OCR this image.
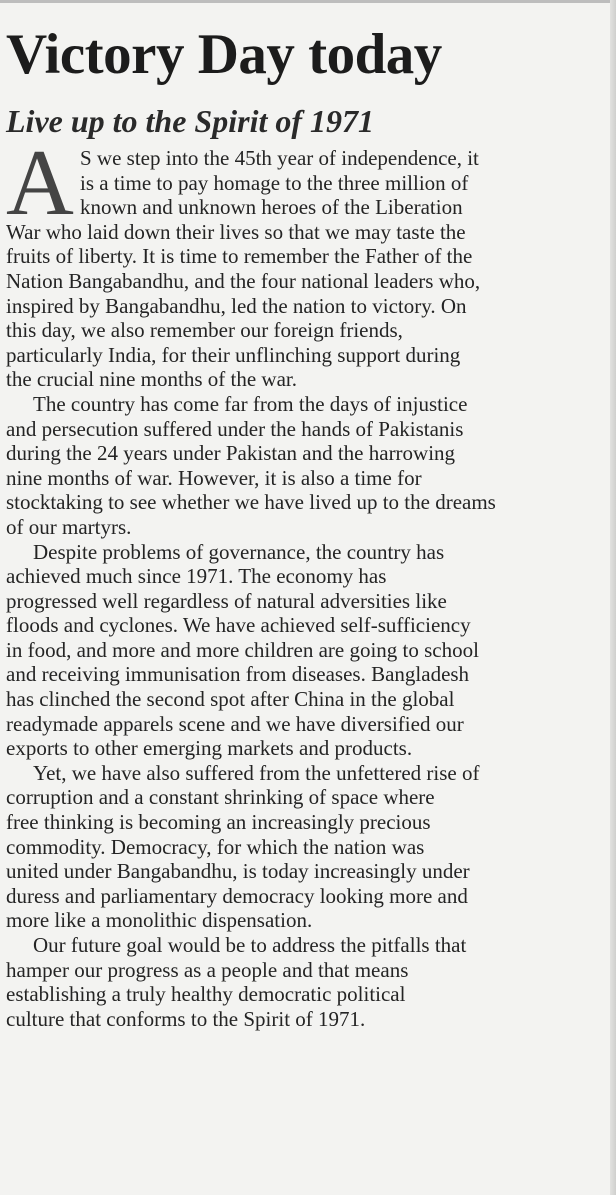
Victory Day today
Live up to the Spirit of 1971
A S we step into the 45th year of independence, it
is a time to pay homage to the three million of
known and unknown heroes of the Liberation
War who laid down their lives so that we may taste the
fruits of liberty. It is time to remember the Father of the
Nation Bangabandhu, and the four national leaders who,
inspired by Bangabandhu, led the nation to victory. On
this day, we also remember our foreign friends,
particularly India, for their unflinching support during
the crucial nine months of the war.
The country has come far from the days of injustice
and persecution suffered under the hands of Pakistanis
during the 24 years under Pakistan and the harrowing
nine months of war. However, it is also a time for
stocktaking to see whether we have lived up to the dreams
of our martyrs.
Despite problems of governance, the country has
achieved much since 1971. The economy has
progressed well regardless of natural adversities like
floods and cyclones. We have achieved self-sufficiency
in food, and more and more children are going to school
and receiving immunisation from diseases. Bangladesh
has clinched the second spot after China in the global
readymade apparels scene and we have diversified our
exports to other emerging markets and products.
Yet, we have also suffered from the unfettered rise of
corruption and a constant shrinking of space where
free thinking is becoming an increasingly precious
commodity. Democracy, for which the nation was
united under Bangabandhu, is today increasingly under
duress and parliamentary democracy looking more and
more like a monolithic dispensation.
Our future goal would be to address the pitfalls that
hamper our progress as a people and that means
establishing a truly healthy democratic political
culture that conforms to the Spirit of 1971.
